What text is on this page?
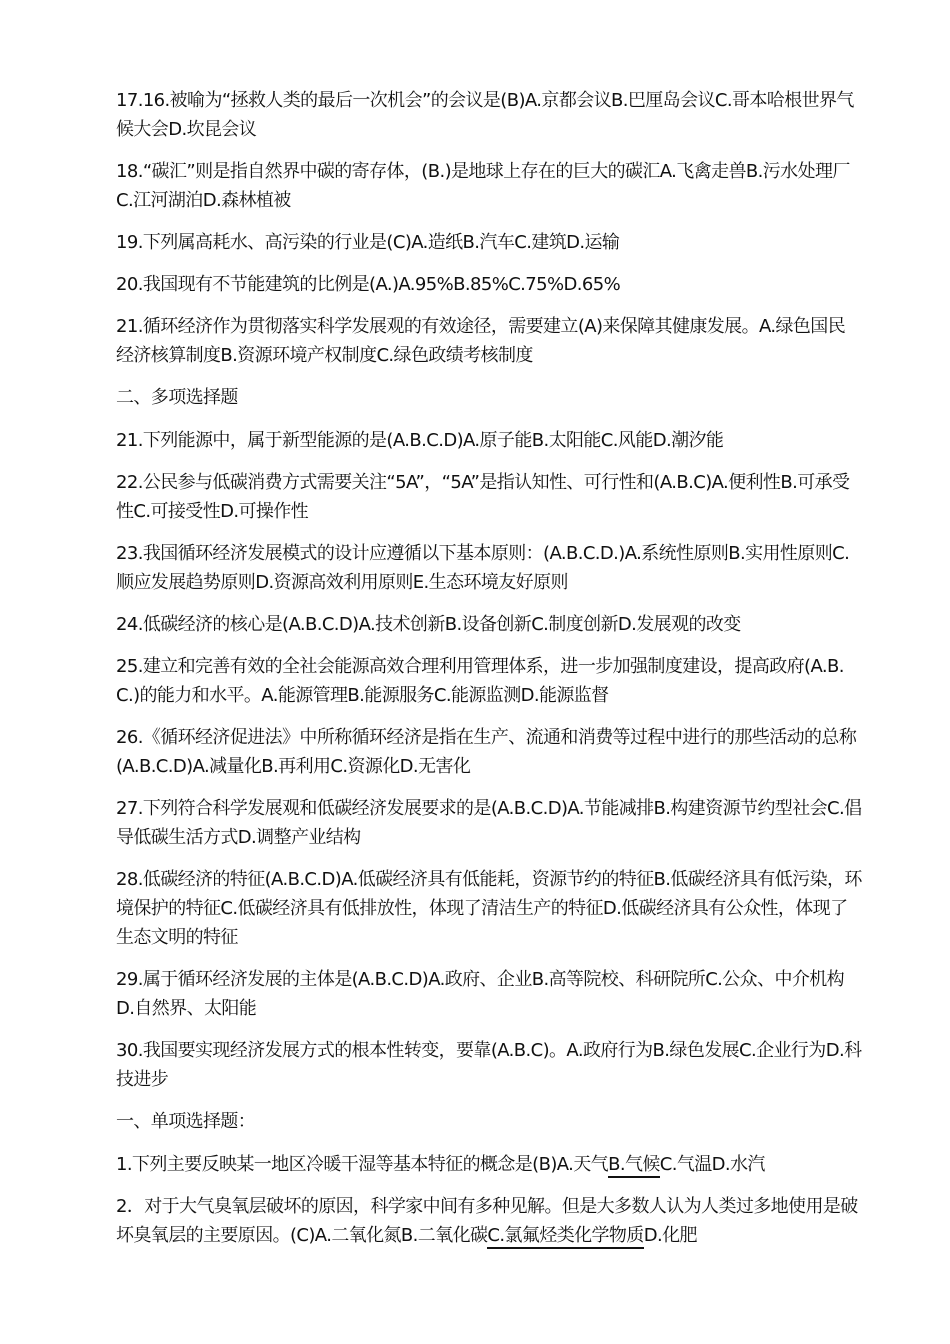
17.16.被喻为“拯救人类的最后一次机会”的会议是(B)A.京都会议B.巴厘岛会议C.哥本哈根世界气候大会D.坎昆会议

18.“碳汇”则是指自然界中碳的寄存体，(B.)是地球上存在的巨大的碳汇A.飞禽走兽B.污水处理厂C.江河湖泊D.森林植被

19.下列属高耗水、高污染的行业是(C)A.造纸B.汽车C.建筑D.运输

20.我国现有不节能建筑的比例是(A.)A.95%B.85%C.75%D.65%

21.循环经济作为贯彻落实科学发展观的有效途径，需要建立(A)来保障其健康发展。A.绿色国民经济核算制度B.资源环境产权制度C.绿色政绩考核制度

二、多项选择题

21.下列能源中，属于新型能源的是(A.B.C.D)A.原子能B.太阳能C.风能D.潮汐能

22.公民参与低碳消费方式需要关注“5A”，“5A”是指认知性、可行性和(A.B.C)A.便利性B.可承受性C.可接受性D.可操作性

23.我国循环经济发展模式的设计应遵循以下基本原则：(A.B.C.D.)A.系统性原则B.实用性原则C.顺应发展趋势原则D.资源高效利用原则E.生态环境友好原则

24.低碳经济的核心是(A.B.C.D)A.技术创新B.设备创新C.制度创新D.发展观的改变

25.建立和完善有效的全社会能源高效合理利用管理体系，进一步加强制度建设，提高政府(A.B.C.)的能力和水平。A.能源管理B.能源服务C.能源监测D.能源监督

26.《循环经济促进法》中所称循环经济是指在生产、流通和消费等过程中进行的那些活动的总称(A.B.C.D)A.减量化B.再利用C.资源化D.无害化

27.下列符合科学发展观和低碳经济发展要求的是(A.B.C.D)A.节能减排B.构建资源节约型社会C.倡导低碳生活方式D.调整产业结构

28.低碳经济的特征(A.B.C.D)A.低碳经济具有低能耗，资源节约的特征B.低碳经济具有低污染，环境保护的特征C.低碳经济具有低排放性，体现了清洁生产的特征D.低碳经济具有公众性，体现了生态文明的特征

29.属于循环经济发展的主体是(A.B.C.D)A.政府、企业B.高等院校、科研院所C.公众、中介机构D.自然界、太阳能

30.我国要实现经济发展方式的根本性转变，要靠(A.B.C)。A.政府行为B.绿色发展C.企业行为D.科技进步

一、单项选择题：

1.下列主要反映某一地区冷暖干湿等基本特征的概念是(B)A.天气B.气候C.气温D.水汽

2．对于大气臭氧层破坏的原因，科学家中间有多种见解。但是大多数人认为人类过多地使用是破坏臭氧层的主要原因。(C)A.二氧化氮B.二氧化碳C.氯氟烃类化学物质D.化肥
